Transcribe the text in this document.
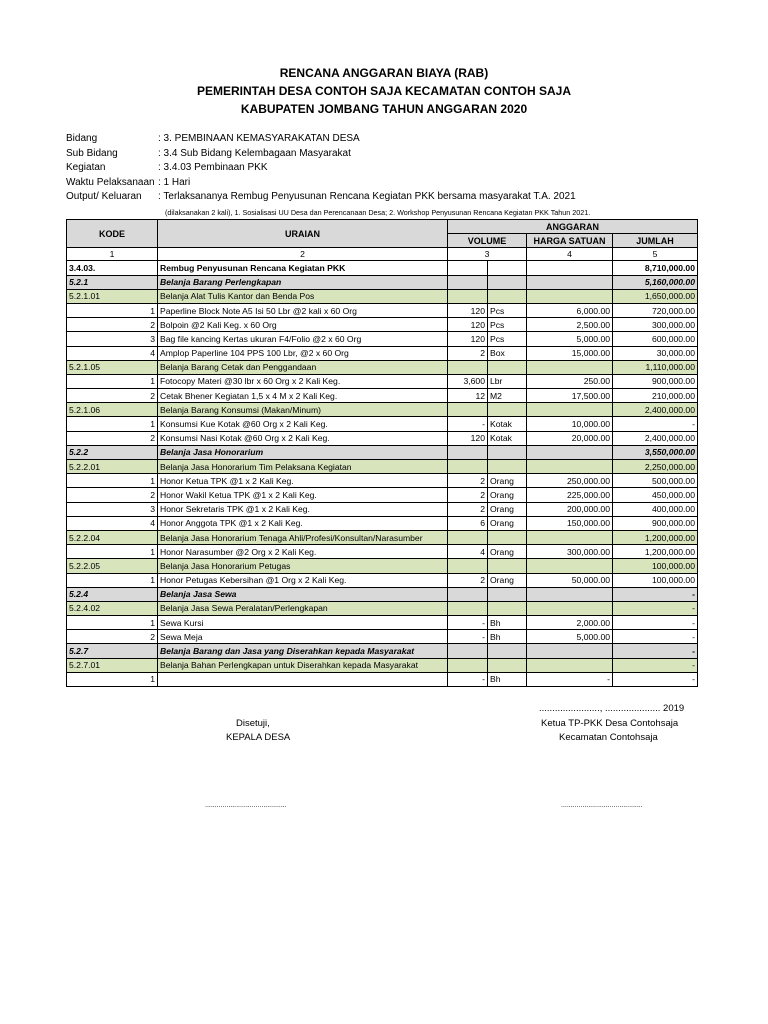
RENCANA ANGGARAN BIAYA (RAB)
PEMERINTAH DESA CONTOH SAJA KECAMATAN CONTOH SAJA
KABUPATEN JOMBANG TAHUN ANGGARAN 2020
Bidang	: 3. PEMBINAAN KEMASYARAKATAN DESA
Sub Bidang	: 3.4 Sub Bidang Kelembagaan Masyarakat
Kegiatan	: 3.4.03 Pembinaan PKK
Waktu Pelaksanaan : 1 Hari
Output/ Keluaran : Terlaksananya Rembug Penyusunan Rencana Kegiatan PKK bersama masyarakat T.A. 2021
(dilaksanakan 2 kali), 1. Sosialisasi UU Desa dan Perencanaan Desa; 2. Workshop Penyusunan Rencana Kegiatan PKK Tahun 2021.
KODE	URAIAN	ANGGARAN			
		VOLUME		HARGA SATUAN	JUMLAH
1	2	3		4	5
3.4.03.	Rembug Penyusunan Rencana Kegiatan PKK				8,710,000.00
5.2.1	Belanja Barang Perlengkapan				5,160,000.00
5.2.1.01	Belanja Alat Tulis Kantor dan Benda Pos				1,650,000.00
1	Paperline Block Note A5 Isi 50 Lbr @2 kali x 60 Org	120	Pcs	6,000.00	720,000.00
2	Bolpoin @2 Kali Keg. x 60 Org	120	Pcs	2,500.00	300,000.00
3	Bag file kancing Kertas ukuran F4/Folio @2 x 60 Org	120	Pcs	5,000.00	600,000.00
4	Amplop Paperline 104 PPS 100 Lbr, @2 x 60 Org	2	Box	15,000.00	30,000.00
5.2.1.05	Belanja Barang Cetak dan Penggandaan				1,110,000.00
1	Fotocopy Materi @30 lbr x 60 Org x 2 Kali Keg.	3,600	Lbr	250.00	900,000.00
2	Cetak Bhener Kegiatan 1,5 x 4 M x 2 Kali Keg.	12	M2	17,500.00	210,000.00
5.2.1.06	Belanja Barang Konsumsi (Makan/Minum)				2,400,000.00
1	Konsumsi Kue Kotak @60 Org x 2 Kali Keg.	-	Kotak	10,000.00	-
2	Konsumsi Nasi Kotak @60 Org x 2 Kali Keg.	120	Kotak	20,000.00	2,400,000.00
5.2.2	Belanja Jasa Honorarium				3,550,000.00
5.2.2.01	Belanja Jasa Honorarium Tim Pelaksana Kegiatan				2,250,000.00
1	Honor Ketua TPK @1 x 2 Kali Keg.	2	Orang	250,000.00	500,000.00
2	Honor Wakil Ketua TPK @1 x 2 Kali Keg.	2	Orang	225,000.00	450,000.00
3	Honor Sekretaris TPK @1 x 2 Kali Keg.	2	Orang	200,000.00	400,000.00
4	Honor Anggota TPK @1 x 2 Kali Keg.	6	Orang	150,000.00	900,000.00
5.2.2.04	Belanja Jasa Honorarium Tenaga Ahli/Profesi/Konsultan/Narasumber				1,200,000.00
1	Honor Narasumber @2 Org x 2 Kali Keg.	4	Orang	300,000.00	1,200,000.00
5.2.2.05	Belanja Jasa Honorarium Petugas				100,000.00
1	Honor Petugas Kebersihan @1 Org x 2 Kali Keg.	2	Orang	50,000.00	100,000.00
5.2.4	Belanja Jasa Sewa				-
5.2.4.02	Belanja Jasa Sewa Peralatan/Perlengkapan				-
1	Sewa Kursi	-	Bh	2,000.00	-
2	Sewa Meja	-	Bh	5,000.00	-
5.2.7	Belanja Barang dan Jasa yang Diserahkan kepada Masyarakat				-
5.2.7.01	Belanja Bahan Perlengkapan untuk Diserahkan kepada Masyarakat				-
1		-	Bh	-	-
......................., ..................... 2019
Disetuji,
KEPALA DESA
Ketua TP-PKK Desa Contohsaja
Kecamatan Contohsaja
..........................................	..........................................
